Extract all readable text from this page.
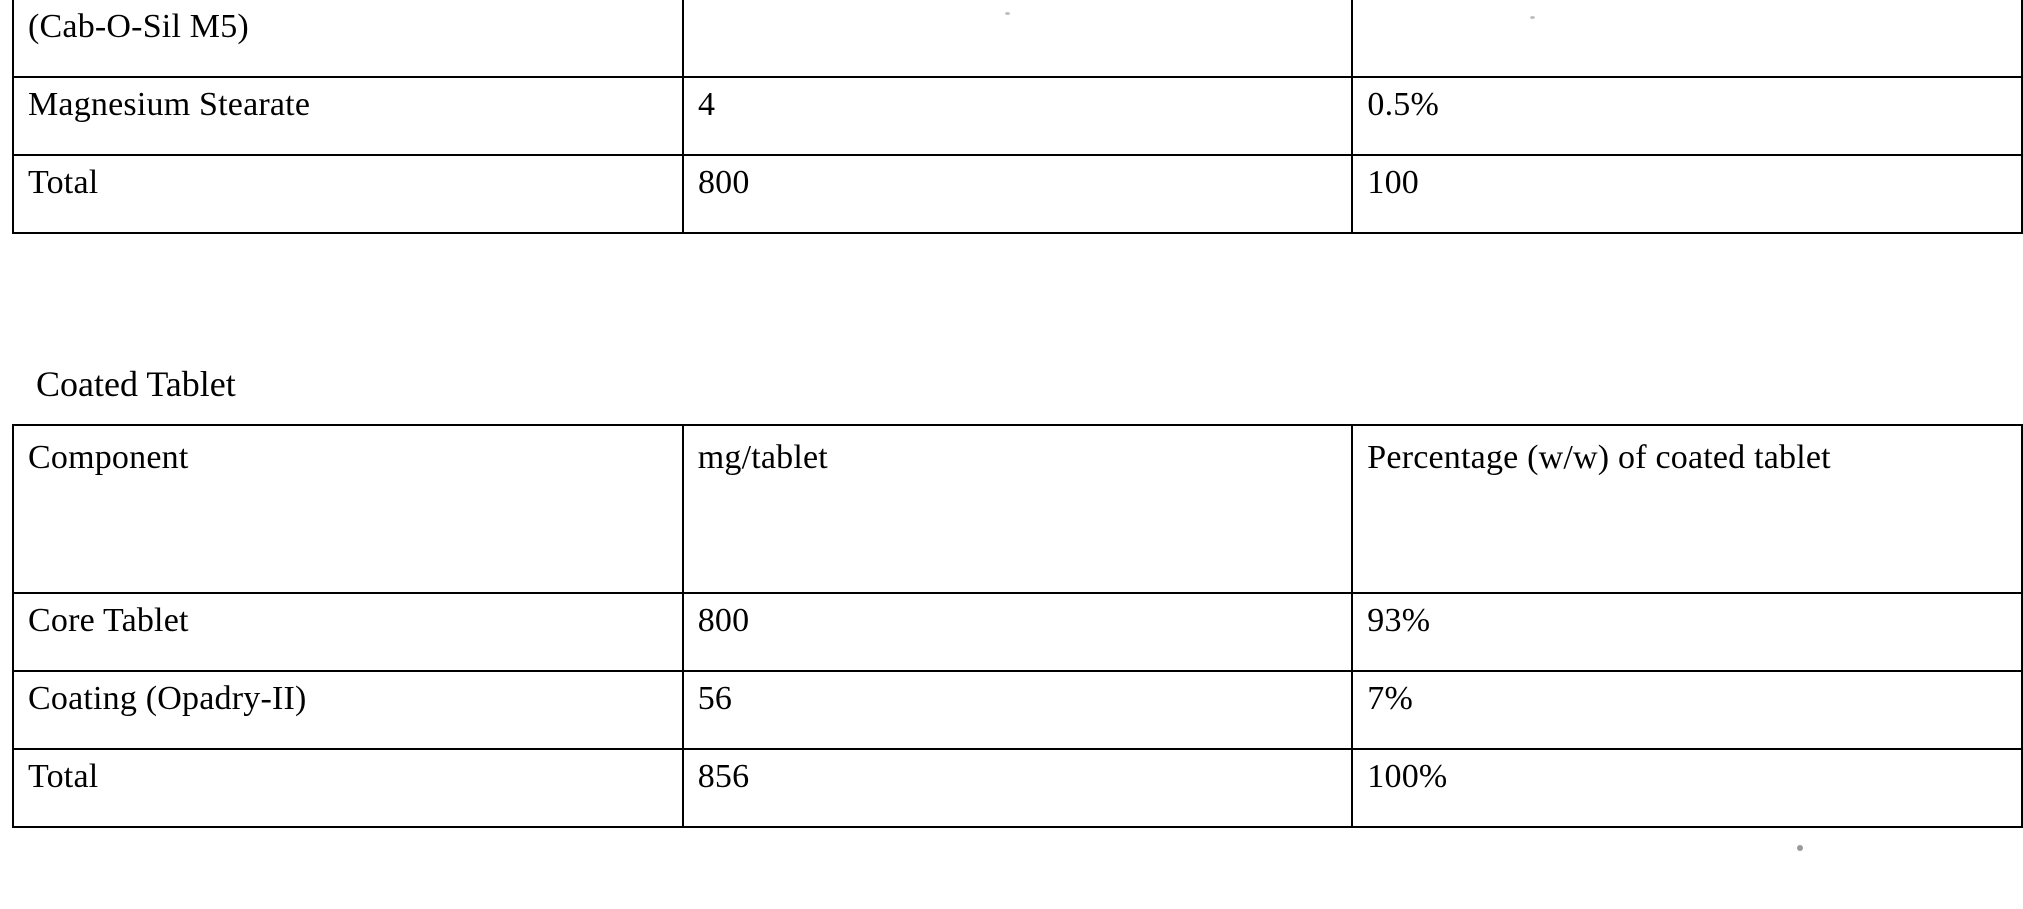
(Cab-O-Sil M5)		
Magnesium Stearate	4	0.5%
Total	800	100
Coated Tablet
Component	mg/tablet	Percentage (w/w) of coated tablet
Core Tablet	800	93%
Coating (Opadry-II)	56	7%
Total	856	100%
